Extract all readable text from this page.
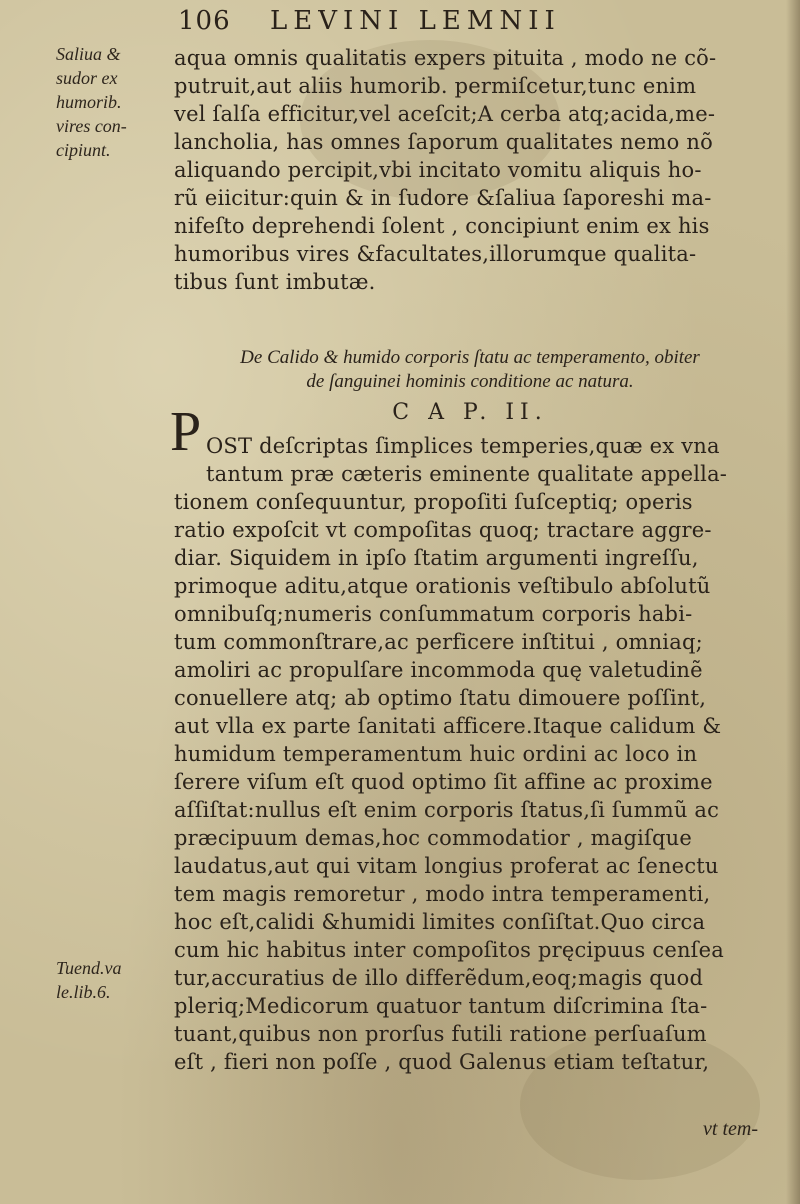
106 LEVINI LEMNII
Saliua &
sudor ex
humorib.
vires con-
cipiunt.
aqua omnis qualitatis expers pituita , modo ne cõ-
putruit,aut aliis humorib. permiſcetur,tunc enim
vel ſalſa efficitur,vel aceſcit;A cerba atq;acida,me-
lancholia, has omnes ſaporum qualitates nemo nõ
aliquando percipit,vbi incitato vomitu aliquis ho-
rũ eiicitur:quin & in ſudore &ſaliua ſaporeshi ma-
nifeſto deprehendi ſolent , concipiunt enim ex his
humoribus vires &facultates,illorumque qualita-
tibus ſunt imbutæ.
De Calido & humido corporis ſtatu ac temperamento, obiter
de ſanguinei hominis conditione ac natura.
C A P. II.
P OST deſcriptas ſimplices temperies,quæ ex vna
tantum præ cæteris eminente qualitate appella-
tionem conſequuntur, propoſiti ſuſceptiq; operis
ratio expoſcit vt compoſitas quoq; tractare aggre-
diar. Siquidem in ipſo ſtatim argumenti ingreſſu,
primoque aditu,atque orationis veſtibulo abſolutũ
omnibuſq;numeris conſummatum corporis habi-
tum commonſtrare,ac perficere inſtitui , omniaq;
amoliri ac propulſare incommoda quę valetudinẽ
conuellere atq; ab optimo ſtatu dimouere poſſint,
aut vlla ex parte ſanitati afficere.Itaque calidum &
humidum temperamentum huic ordini ac loco in
ſerere viſum eſt quod optimo ſit affine ac proxime
aſſiſtat:nullus eſt enim corporis ſtatus,ſi ſummũ ac
præcipuum demas,hoc commodatior , magiſque
laudatus,aut qui vitam longius proferat ac ſenectu
tem magis remoretur , modo intra temperamenti,
hoc eſt,calidi &humidi limites conſiſtat.Quo circa
cum hic habitus inter compoſitos pręcipuus cenſea
tur,accuratius de illo differẽdum,eoq;magis quod
pleriq;Medicorum quatuor tantum diſcrimina ſta-
tuant,quibus non prorſus futili ratione perſuaſum
eſt , fieri non poſſe , quod Galenus etiam teſtatur,
Tuend.va
le.lib.6.
vt tem-
